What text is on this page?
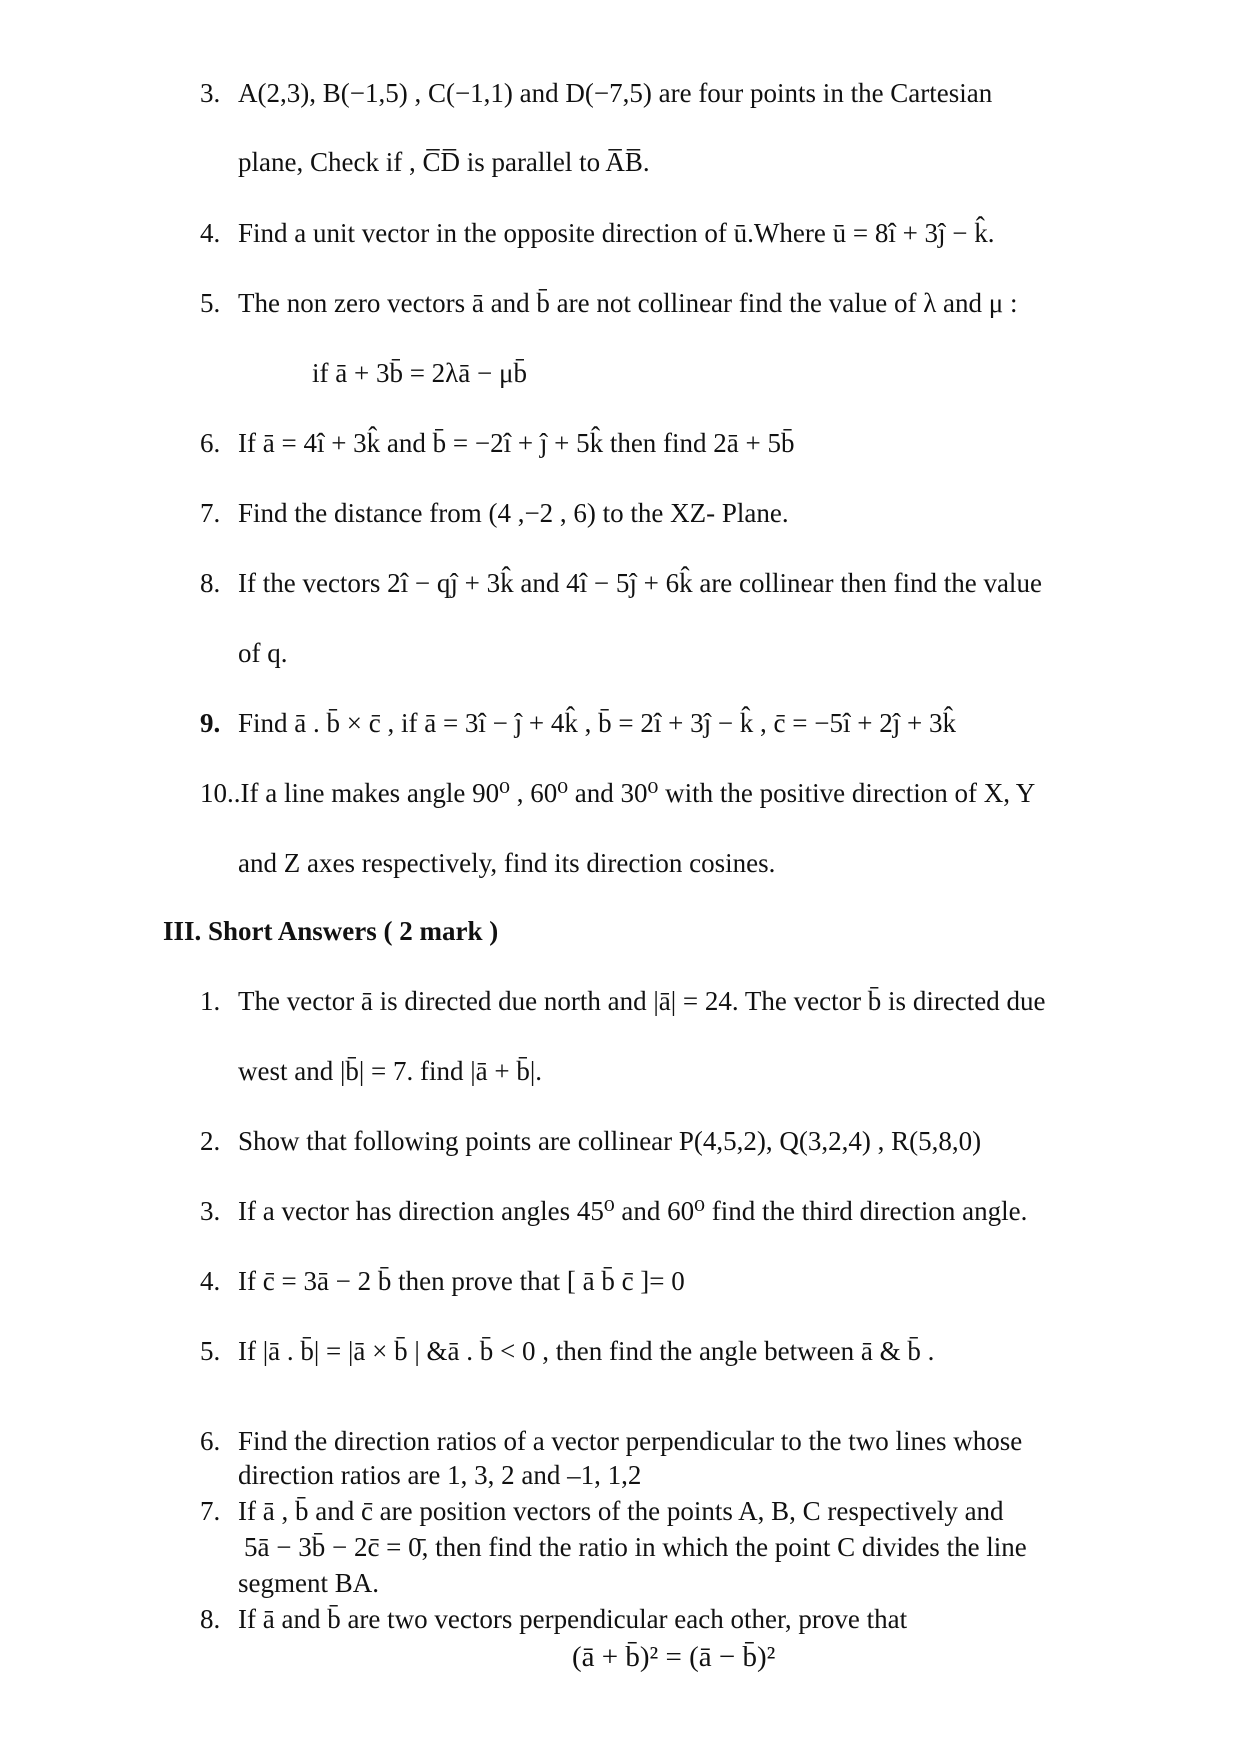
3. A(2,3), B(−1,5) , C(−1,1) and D(−7,5) are four points in the Cartesian
plane, Check if , C̅D̅ is parallel to A̅B̅.
4. Find a unit vector in the opposite direction of ū.Where ū = 8î + 3ĵ − k̂.
5. The non zero vectors ā and b̄ are not collinear find the value of λ and μ :
if ā + 3b̄ = 2λā − μb̄
6. If ā = 4î + 3k̂ and b̄ = −2î + ĵ + 5k̂ then find 2ā + 5b̄
7. Find the distance from (4 ,−2 , 6) to the XZ- Plane.
8. If the vectors 2î − qĵ + 3k̂ and 4î − 5ĵ + 6k̂ are collinear then find the value
of q.
9. Find ā . b̄ × c̄ , if ā = 3î − ĵ + 4k̂ , b̄ = 2î + 3ĵ − k̂ , c̄ = −5î + 2ĵ + 3k̂
10..If a line makes angle 90⁰ , 60⁰ and 30⁰ with the positive direction of X, Y
and Z axes respectively, find its direction cosines.
III. Short Answers ( 2 mark )
1. The vector ā is directed due north and |ā| = 24. The vector b̄ is directed due
west and |b̄| = 7. find |ā + b̄|.
2. Show that following points are collinear P(4,5,2), Q(3,2,4) , R(5,8,0)
3. If a vector has direction angles 45⁰ and 60⁰ find the third direction angle.
4. If c̄ = 3ā − 2 b̄ then prove that [ ā b̄ c̄ ]= 0
5. If |ā . b̄| = |ā × b̄ | &ā . b̄ < 0 , then find the angle between ā & b̄ .
6. Find the direction ratios of a vector perpendicular to the two lines whose
direction ratios are 1, 3, 2 and –1, 1,2
7. If ā , b̄ and c̄ are position vectors of the points A, B, C respectively and
5ā − 3b̄ − 2c̄ = 0̄, then find the ratio in which the point C divides the line
segment BA.
8. If ā and b̄ are two vectors perpendicular each other, prove that
(ā + b̄)² = (ā − b̄)²
